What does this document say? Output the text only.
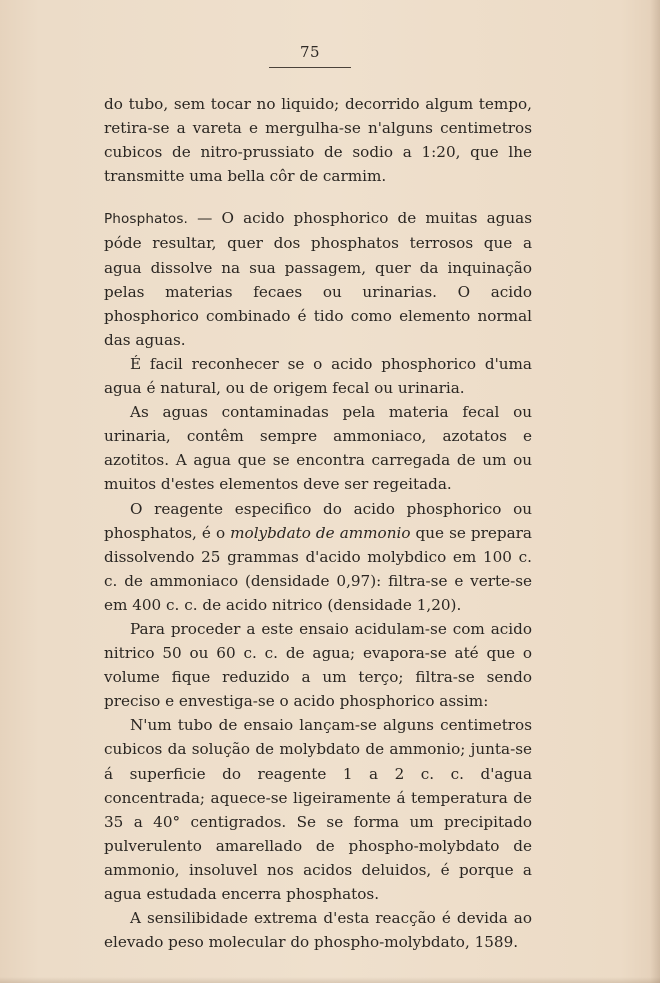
75

do tubo, sem tocar no liquido; decorrido algum tempo, retira-se a vareta e mergulha-se n'alguns centimetros cubicos de nitro-prussiato de sodio a 1:20, que lhe transmitte uma bella côr de carmim.

Phosphatos. — O acido phosphorico de muitas aguas póde resultar, quer dos phosphatos terrosos que a agua dissolve na sua passagem, quer da inquinação pelas materias fecaes ou urinarias. O acido phosphorico combinado é tido como elemento normal das aguas.

É facil reconhecer se o acido phosphorico d'uma agua é natural, ou de origem fecal ou urinaria.

As aguas contaminadas pela materia fecal ou urinaria, contêm sempre ammoniaco, azotatos e azotitos. A agua que se encontra carregada de um ou muitos d'estes elementos deve ser regeitada.

O reagente especifico do acido phosphorico ou phosphatos, é o molybdato de ammonio que se prepara dissolvendo 25 grammas d'acido molybdico em 100 c. c. de ammoniaco (densidade 0,97): filtra-se e verte-se em 400 c. c. de acido nitrico (densidade 1,20).

Para proceder a este ensaio acidulam-se com acido nitrico 50 ou 60 c. c. de agua; evapora-se até que o volume fique reduzido a um terço; filtra-se sendo preciso e envestiga-se o acido phosphorico assim:

N'um tubo de ensaio lançam-se alguns centimetros cubicos da solução de molybdato de ammonio; junta-se á superficie do reagente 1 a 2 c. c. d'agua concentrada; aquece-se ligeiramente á temperatura de 35 a 40° centigrados. Se se forma um precipitado pulverulento amarellado de phospho-molybdato de ammonio, insoluvel nos acidos deluidos, é porque a agua estudada encerra phosphatos.

A sensilibidade extrema d'esta reacção é devida ao elevado peso molecular do phospho-molybdato, 1589.
